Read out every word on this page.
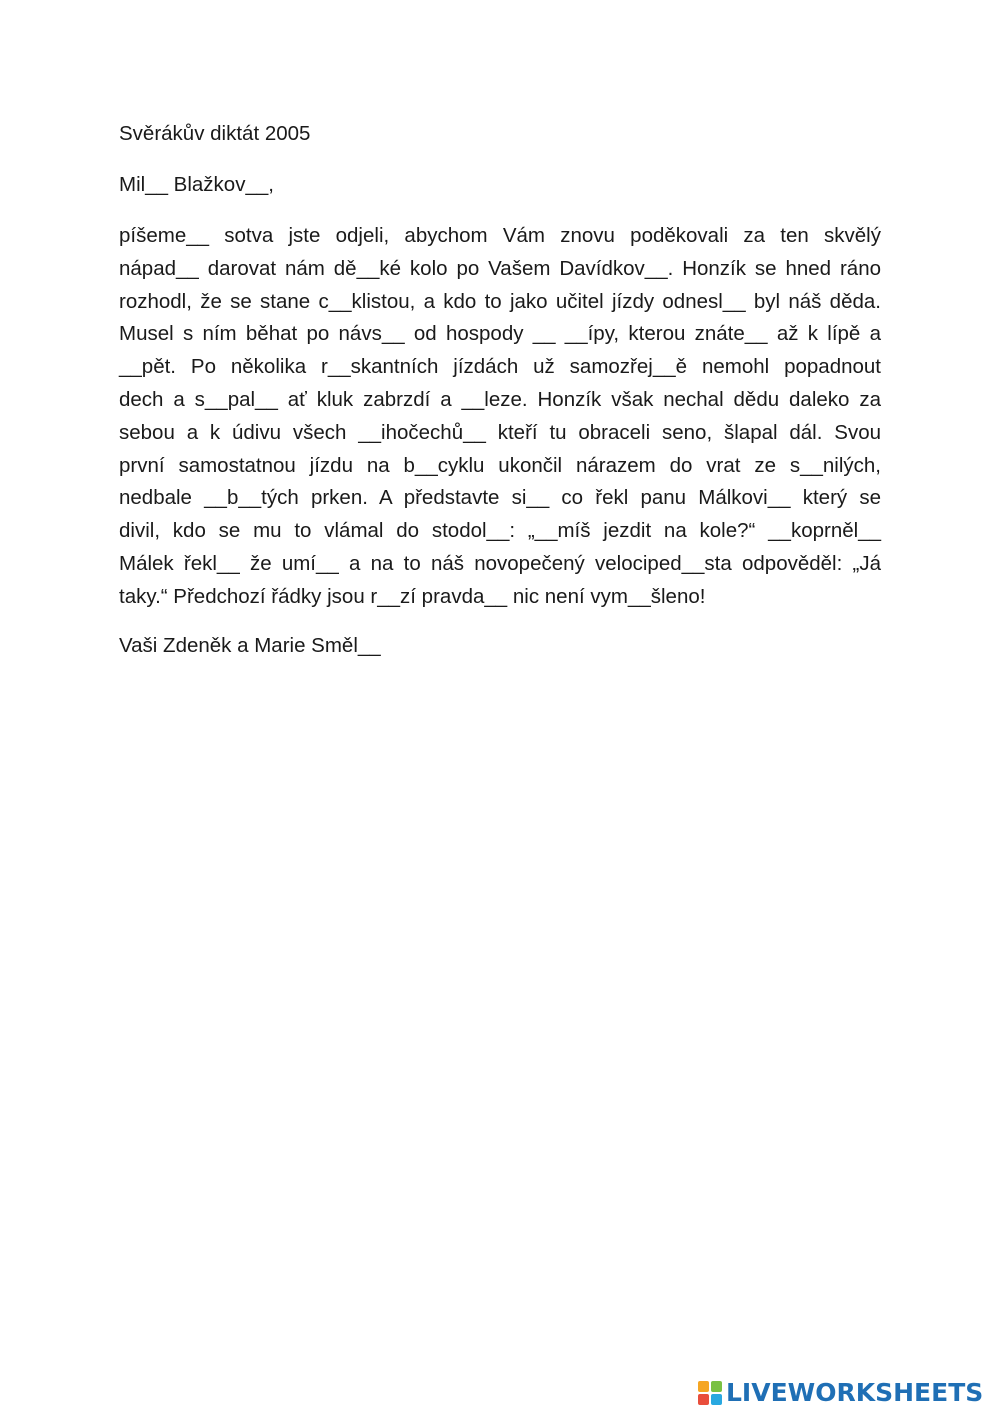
Svěrákův diktát 2005
Mil__ Blažkov__,
píšeme__ sotva jste odjeli, abychom Vám znovu poděkovali za ten skvělý
nápad__ darovat nám dě__ké kolo po Vašem Davídkov__. Honzík se hned ráno
rozhodl, že se stane c__klistou, a kdo to jako učitel jízdy odnesl__ byl náš děda.
Musel s ním běhat po návs__ od hospody __ __ípy, kterou znáte__ až k lípě a
__pět. Po několika r__skantních jízdách už samozřej__ě nemohl popadnout
dech a s__pal__ ať kluk zabrzdí a __leze. Honzík však nechal dědu daleko za
sebou a k údivu všech __ihočechů__ kteří tu obraceli seno, šlapal dál. Svou
první samostatnou jízdu na b__cyklu ukončil nárazem do vrat ze s__nilých,
nedbale __b__tých prken. A představte si__ co řekl panu Málkovi__ který se
divil, kdo se mu to vlámal do stodol__: „__míš jezdit na kole?“ __koprněl__
Málek řekl__ že umí__ a na to náš novopečený velociped__sta odpověděl: „Já
taky.“ Předchozí řádky jsou r__zí pravda__ nic není vym__šleno!
Vaši Zdeněk a Marie Směl__
LIVEWORKSHEETS
